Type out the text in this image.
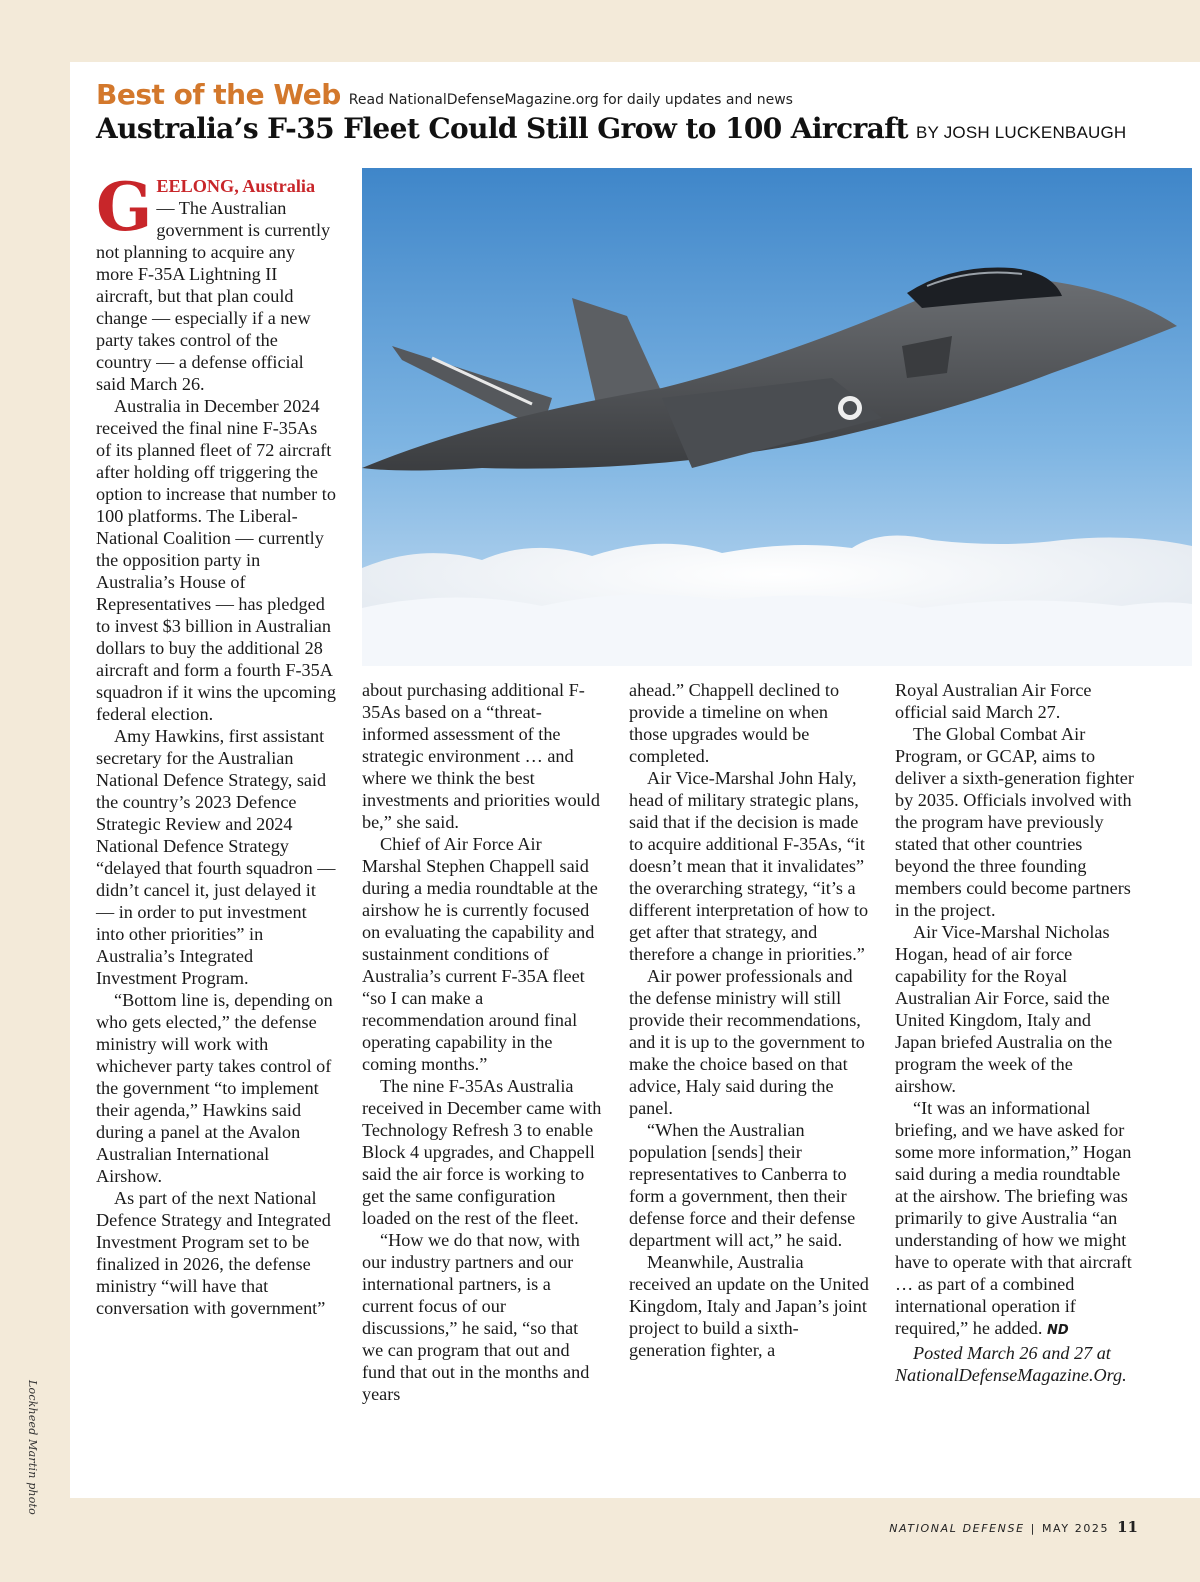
Lockheed Martin photo
Best of the Web Read NationalDefenseMagazine.org for daily updates and news
Australia’s F-35 Fleet Could Still Grow to 100 Aircraft BY JOSH LUCKENBAUGH

GEELONG, Australia — The Australian government is currently not planning to acquire any more F-35A Lightning II aircraft, but that plan could change — especially if a new party takes control of the country — a defense official said March 26.

Australia in December 2024 received the final nine F-35As of its planned fleet of 72 aircraft after holding off triggering the option to increase that number to 100 platforms. The Liberal-National Coalition — currently the opposition party in Australia’s House of Representatives — has pledged to invest $3 billion in Australian dollars to buy the additional 28 aircraft and form a fourth F-35A squadron if it wins the upcoming federal election.

Amy Hawkins, first assistant secretary for the Australian National Defence Strategy, said the country’s 2023 Defence Strategic Review and 2024 National Defence Strategy “delayed that fourth squadron — didn’t cancel it, just delayed it — in order to put investment into other priorities” in Australia’s Integrated Investment Program.

“Bottom line is, depending on who gets elected,” the defense ministry will work with whichever party takes control of the government “to implement their agenda,” Hawkins said during a panel at the Avalon Australian International Airshow.

As part of the next National Defence Strategy and Integrated Investment Program set to be finalized in 2026, the defense ministry “will have that conversation with government”

about purchasing additional F-35As based on a “threat-informed assessment of the strategic environment … and where we think the best investments and priorities would be,” she said.

Chief of Air Force Air Marshal Stephen Chappell said during a media roundtable at the airshow he is currently focused on evaluating the capability and sustainment conditions of Australia’s current F-35A fleet “so I can make a recommendation around final operating capability in the coming months.”

The nine F-35As Australia received in December came with Technology Refresh 3 to enable Block 4 upgrades, and Chappell said the air force is working to get the same configuration loaded on the rest of the fleet.

“How we do that now, with our industry partners and our international partners, is a current focus of our discussions,” he said, “so that we can program that out and fund that out in the months and years

ahead.” Chappell declined to provide a timeline on when those upgrades would be completed.

Air Vice-Marshal John Haly, head of military strategic plans, said that if the decision is made to acquire additional F-35As, “it doesn’t mean that it invalidates” the overarching strategy, “it’s a different interpretation of how to get after that strategy, and therefore a change in priorities.”

Air power professionals and the defense ministry will still provide their recommendations, and it is up to the government to make the choice based on that advice, Haly said during the panel.

“When the Australian population [sends] their representatives to Canberra to form a government, then their defense force and their defense department will act,” he said.

Meanwhile, Australia received an update on the United Kingdom, Italy and Japan’s joint project to build a sixth-generation fighter, a

Royal Australian Air Force official said March 27.

The Global Combat Air Program, or GCAP, aims to deliver a sixth-generation fighter by 2035. Officials involved with the program have previously stated that other countries beyond the three founding members could become partners in the project.

Air Vice-Marshal Nicholas Hogan, head of air force capability for the Royal Australian Air Force, said the United Kingdom, Italy and Japan briefed Australia on the program the week of the airshow.

“It was an informational briefing, and we have asked for some more information,” Hogan said during a media roundtable at the airshow. The briefing was primarily to give Australia “an understanding of how we might have to operate with that aircraft … as part of a combined international operation if required,” he added. ND

Posted March 26 and 27 at NationalDefenseMagazine.Org.

NATIONAL DEFENSE | MAY 2025 11
